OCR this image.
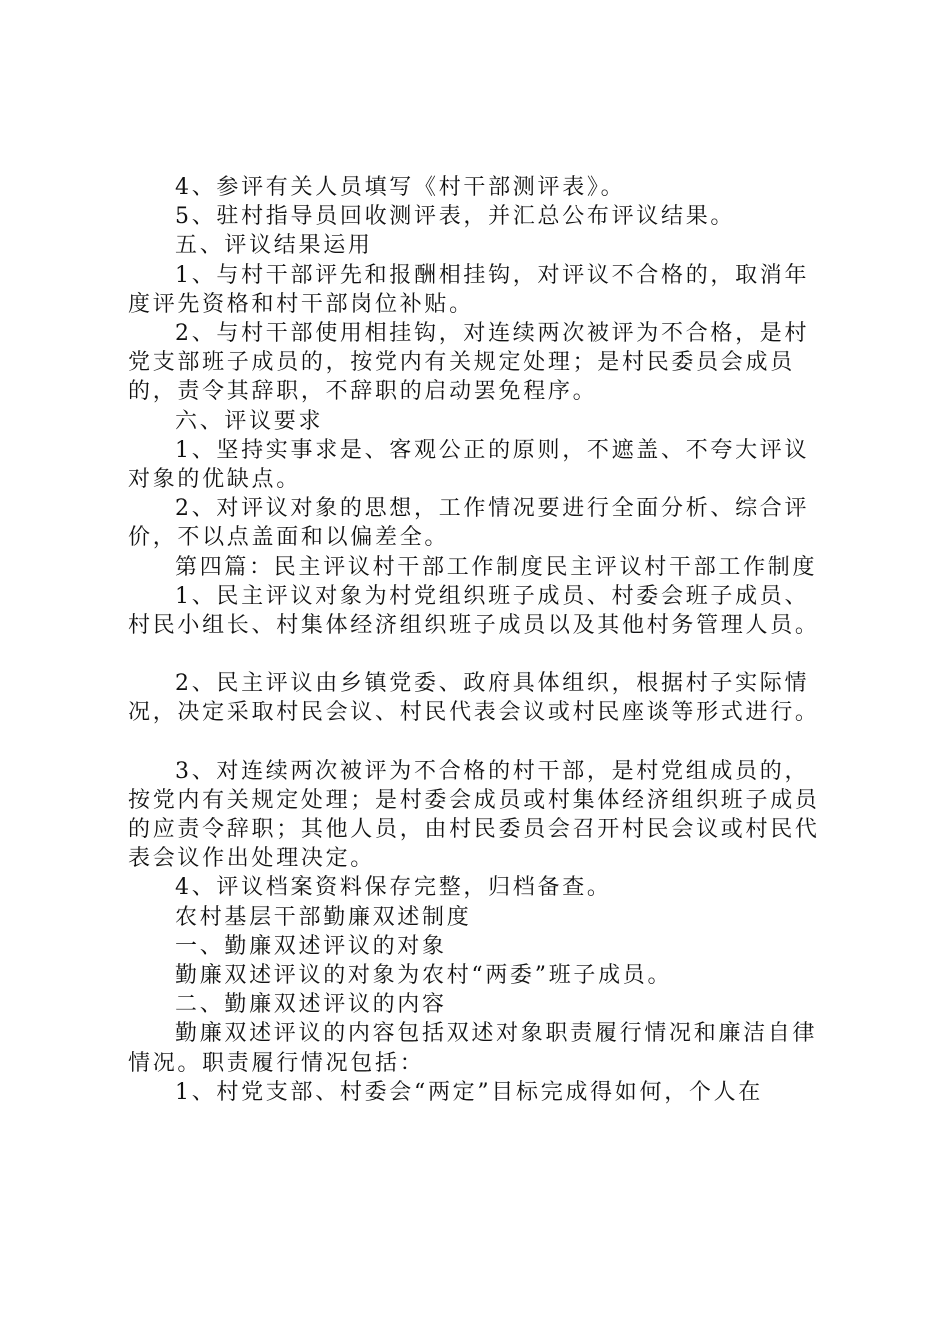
4、参评有关人员填写《村干部测评表》。

5、驻村指导员回收测评表，并汇总公布评议结果。

五、评议结果运用

1、与村干部评先和报酬相挂钩，对评议不合格的，取消年度评先资格和村干部岗位补贴。

2、与村干部使用相挂钩，对连续两次被评为不合格，是村党支部班子成员的，按党内有关规定处理；是村民委员会成员的，责令其辞职，不辞职的启动罢免程序。

六、评议要求

1、坚持实事求是、客观公正的原则，不遮盖、不夸大评议对象的优缺点。

2、对评议对象的思想，工作情况要进行全面分析、综合评价，不以点盖面和以偏差全。

第四篇：民主评议村干部工作制度民主评议村干部工作制度

1、民主评议对象为村党组织班子成员、村委会班子成员、村民小组长、村集体经济组织班子成员以及其他村务管理人员。

2、民主评议由乡镇党委、政府具体组织，根据村子实际情况，决定采取村民会议、村民代表会议或村民座谈等形式进行。

3、对连续两次被评为不合格的村干部，是村党组成员的，按党内有关规定处理；是村委会成员或村集体经济组织班子成员的应责令辞职；其他人员，由村民委员会召开村民会议或村民代表会议作出处理决定。

4、评议档案资料保存完整，归档备查。

农村基层干部勤廉双述制度

一、勤廉双述评议的对象

勤廉双述评议的对象为农村“两委”班子成员。

二、勤廉双述评议的内容

勤廉双述评议的内容包括双述对象职责履行情况和廉洁自律情况。职责履行情况包括：

1、村党支部、村委会“两定”目标完成得如何，个人在
